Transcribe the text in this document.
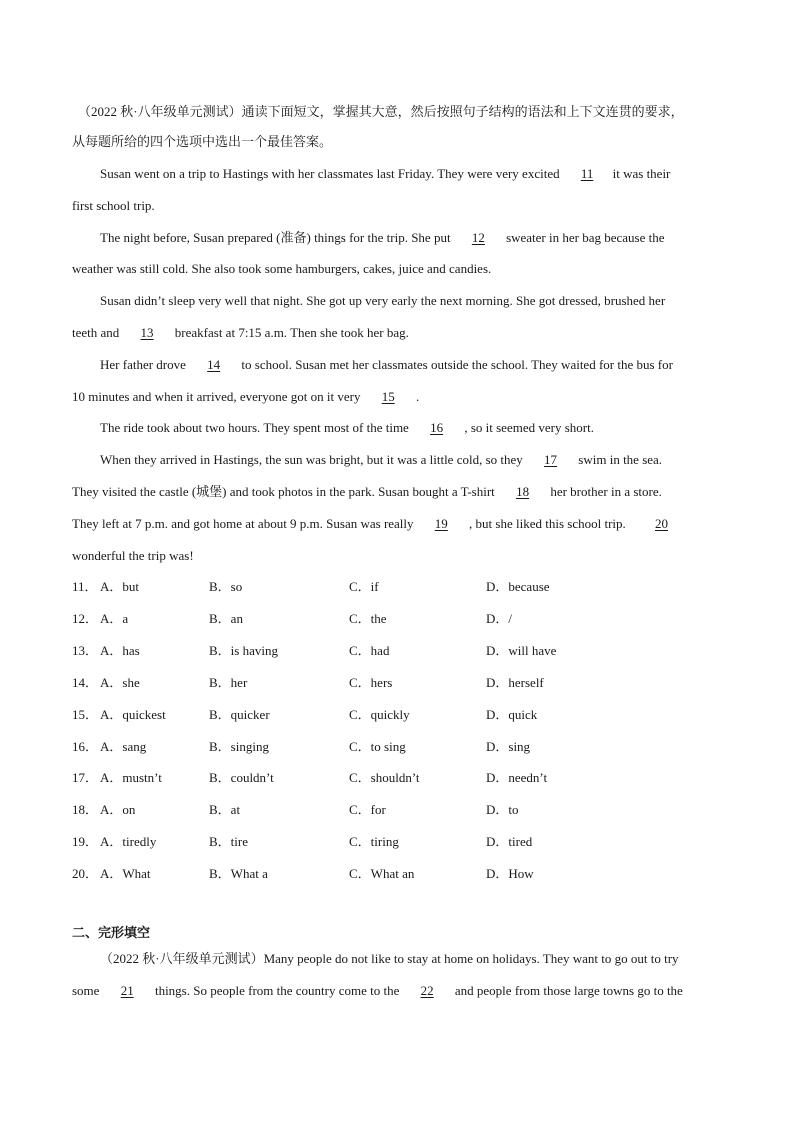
（2022 秋·八年级单元测试）通读下面短文，掌握其大意，然后按照句子结构的语法和上下文连贯的要求，
从每题所给的四个选项中选出一个最佳答案。
Susan went on a trip to Hastings with her classmates last Friday. They were very excited 11 it was their
first school trip.
The night before, Susan prepared (准备) things for the trip. She put 12 sweater in her bag because the
weather was still cold. She also took some hamburgers, cakes, juice and candies.
Susan didn’t sleep very well that night. She got up very early the next morning. She got dressed, brushed her
teeth and 13 breakfast at 7:15 a.m. Then she took her bag.
Her father drove 14 to school. Susan met her classmates outside the school. They waited for the bus for
10 minutes and when it arrived, everyone got on it very 15 .
The ride took about two hours. They spent most of the time 16 , so it seemed very short.
When they arrived in Hastings, the sun was bright, but it was a little cold, so they 17 swim in the sea.
They visited the castle (城堡) and took photos in the park. Susan bought a T-shirt 18 her brother in a store.
They left at 7 p.m. and got home at about 9 p.m. Susan was really 19 , but she liked this school trip. 20
wonderful the trip was!
11． A．but	B．so	C．if	D．because
12． A．a	B．an	C．the	D．/
13． A．has	B．is having	C．had	D．will have
14． A．she	B．her	C．hers	D．herself
15． A．quickest	B．quicker	C．quickly	D．quick
16． A．sang	B．singing	C．to sing	D．sing
17． A．mustn’t	B．couldn’t	C．shouldn’t	D．needn’t
18． A．on	B．at	C．for	D．to
19． A．tiredly	B．tire	C．tiring	D．tired
20． A．What	B．What a	C．What an	D．How
二、完形填空
（2022 秋·八年级单元测试）Many people do not like to stay at home on holidays. They want to go out to try
some 21 things. So people from the country come to the 22 and people from those large towns go to the
